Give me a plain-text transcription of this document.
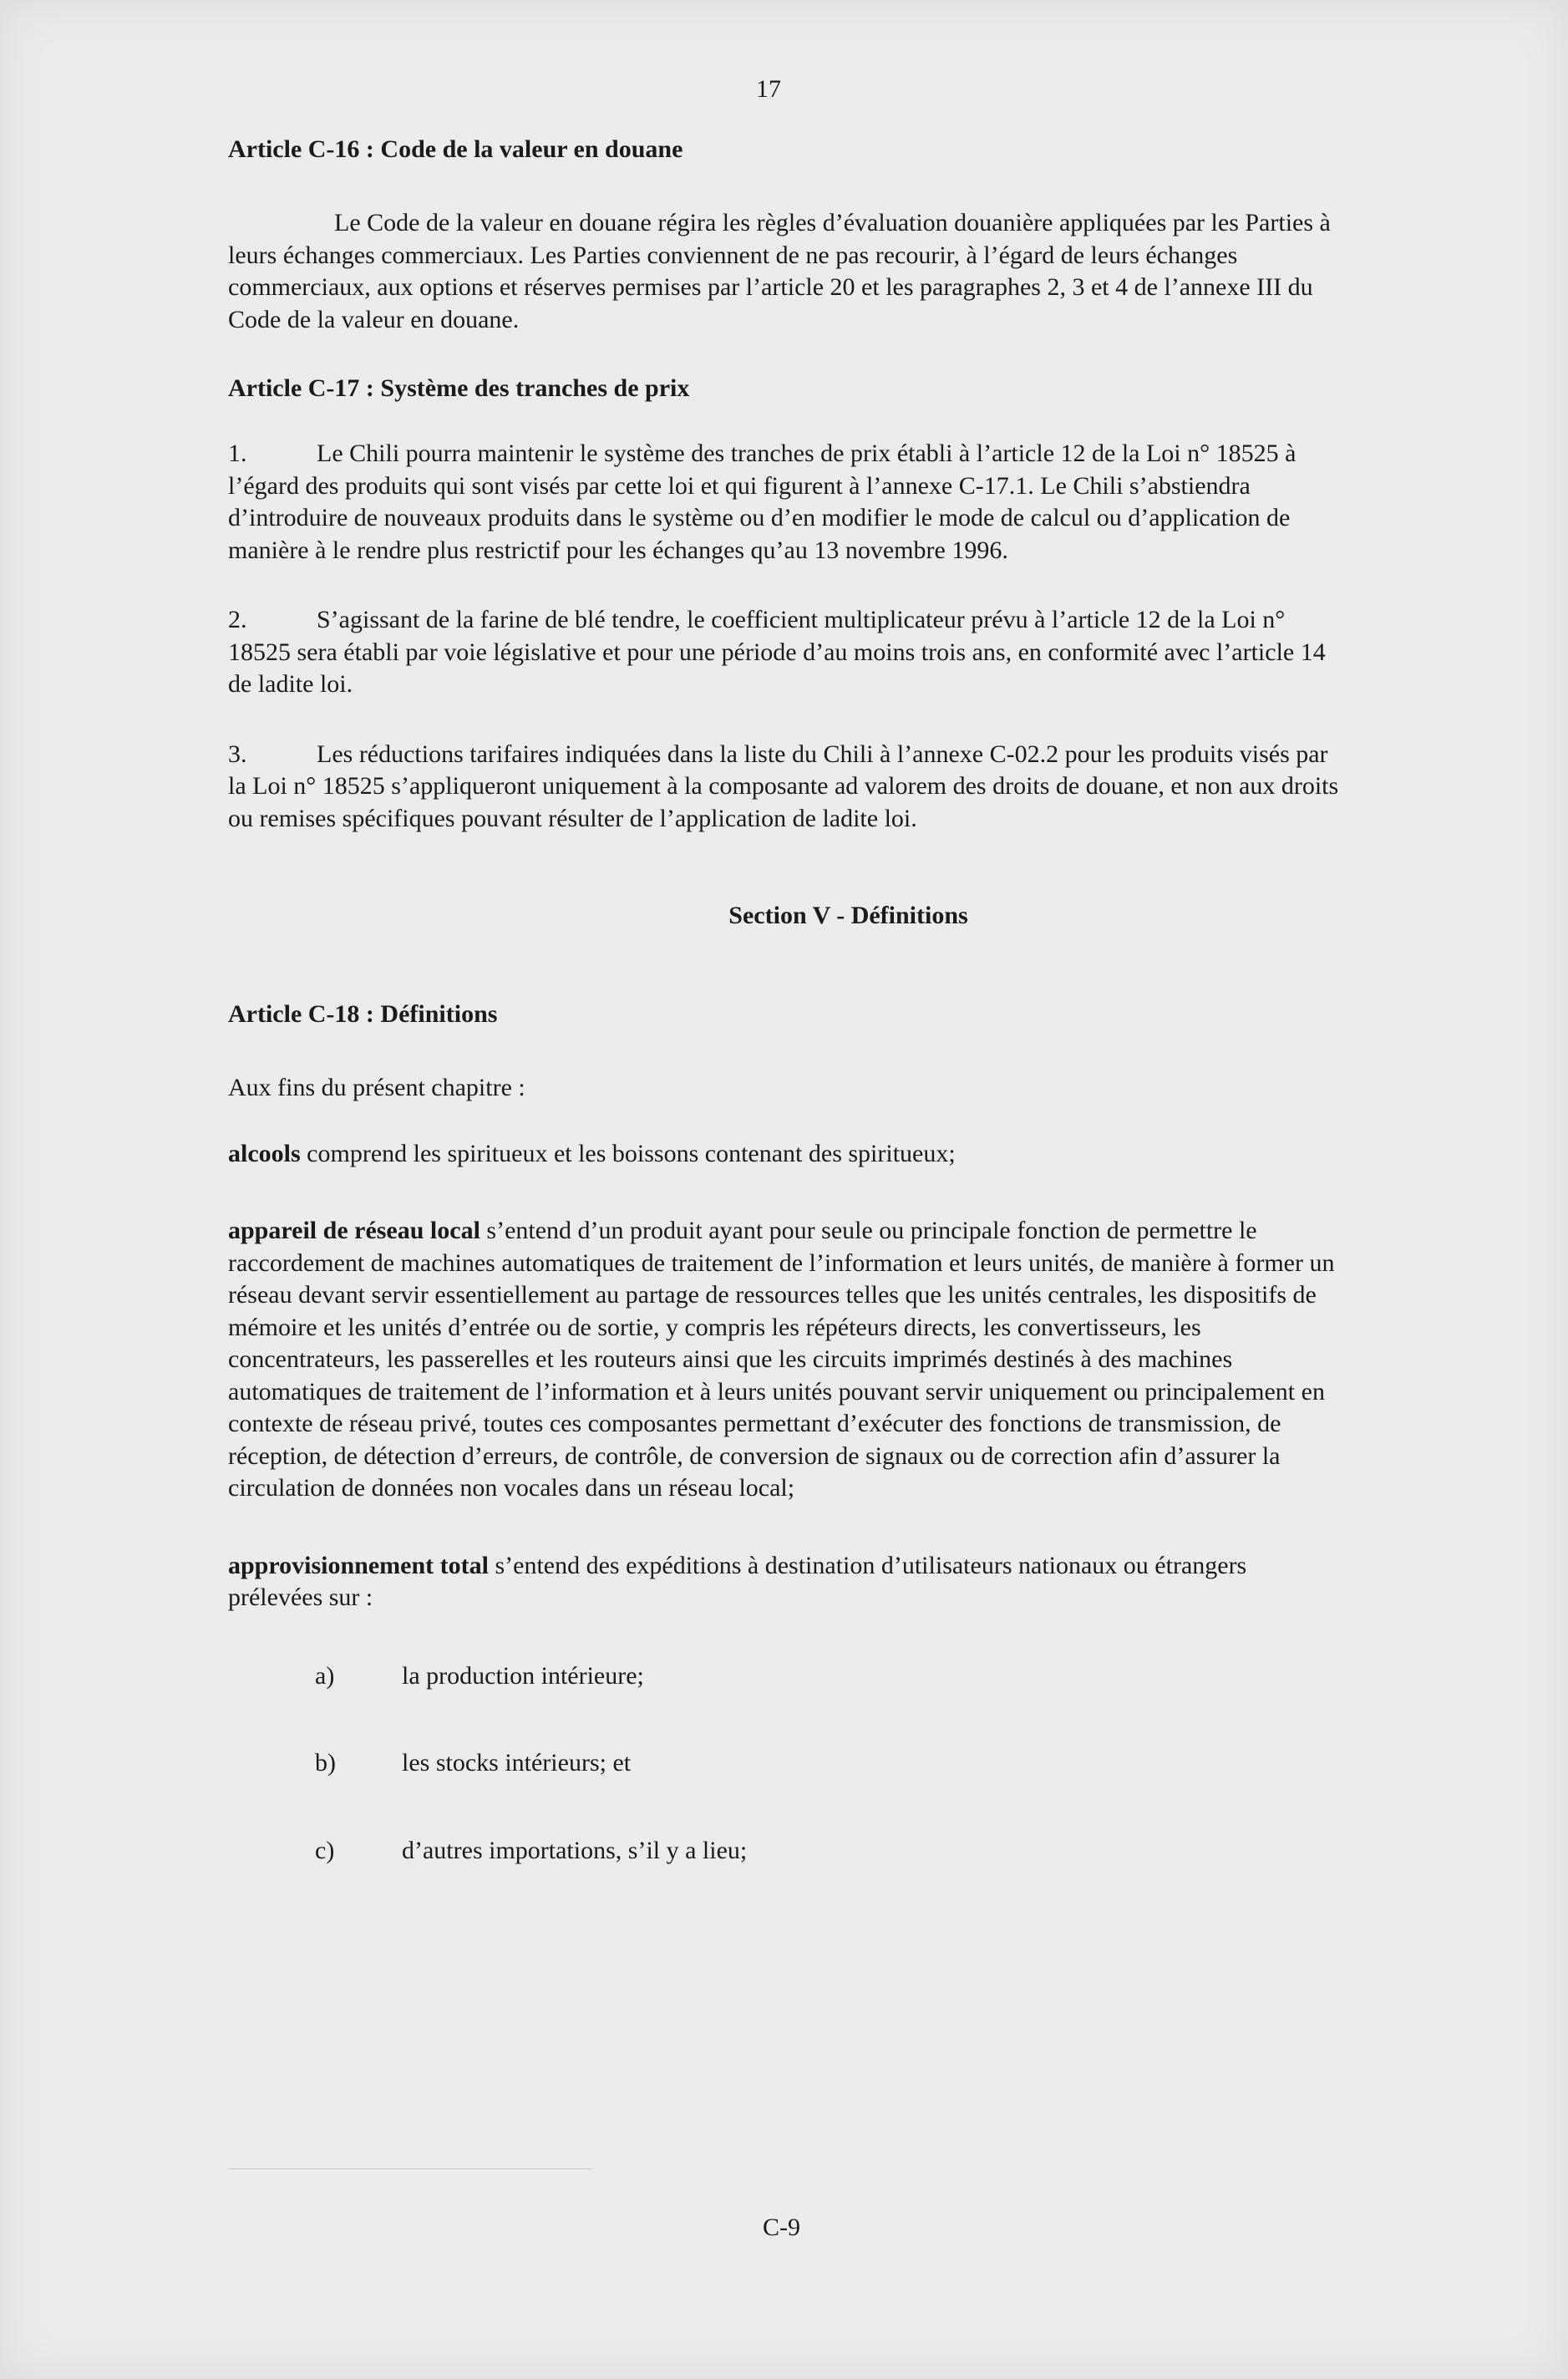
17
Article C-16 : Code de la valeur en douane

Le Code de la valeur en douane régira les règles d’évaluation douanière appliquées par les Parties à leurs échanges commerciaux. Les Parties conviennent de ne pas recourir, à l’égard de leurs échanges commerciaux, aux options et réserves permises par l’article 20 et les paragraphes 2, 3 et 4 de l’annexe III du Code de la valeur en douane.

Article C-17 : Système des tranches de prix

1.	Le Chili pourra maintenir le système des tranches de prix établi à l’article 12 de la Loi n° 18525 à l’égard des produits qui sont visés par cette loi et qui figurent à l’annexe C-17.1. Le Chili s’abstiendra d’introduire de nouveaux produits dans le système ou d’en modifier le mode de calcul ou d’application de manière à le rendre plus restrictif pour les échanges qu’au 13 novembre 1996.

2.	S’agissant de la farine de blé tendre, le coefficient multiplicateur prévu à l’article 12 de la Loi n° 18525 sera établi par voie législative et pour une période d’au moins trois ans, en conformité avec l’article 14 de ladite loi.

3.	Les réductions tarifaires indiquées dans la liste du Chili à l’annexe C-02.2 pour les produits visés par la Loi n° 18525 s’appliqueront uniquement à la composante ad valorem des droits de douane, et non aux droits ou remises spécifiques pouvant résulter de l’application de ladite loi.

Section V - Définitions
Article C-18 : Définitions

Aux fins du présent chapitre :

alcools comprend les spiritueux et les boissons contenant des spiritueux;

appareil de réseau local s’entend d’un produit ayant pour seule ou principale fonction de permettre le raccordement de machines automatiques de traitement de l’information et leurs unités, de manière à former un réseau devant servir essentiellement au partage de ressources telles que les unités centrales, les dispositifs de mémoire et les unités d’entrée ou de sortie, y compris les répéteurs directs, les convertisseurs, les concentrateurs, les passerelles et les routeurs ainsi que les circuits imprimés destinés à des machines automatiques de traitement de l’information et à leurs unités pouvant servir uniquement ou principalement en contexte de réseau privé, toutes ces composantes permettant d’exécuter des fonctions de transmission, de réception, de détection d’erreurs, de contrôle, de conversion de signaux ou de correction afin d’assurer la circulation de données non vocales dans un réseau local;

approvisionnement total s’entend des expéditions à destination d’utilisateurs nationaux ou étrangers prélevées sur :

a)	la production intérieure;
b)	les stocks intérieurs; et
c)	d’autres importations, s’il y a lieu;
C-9
